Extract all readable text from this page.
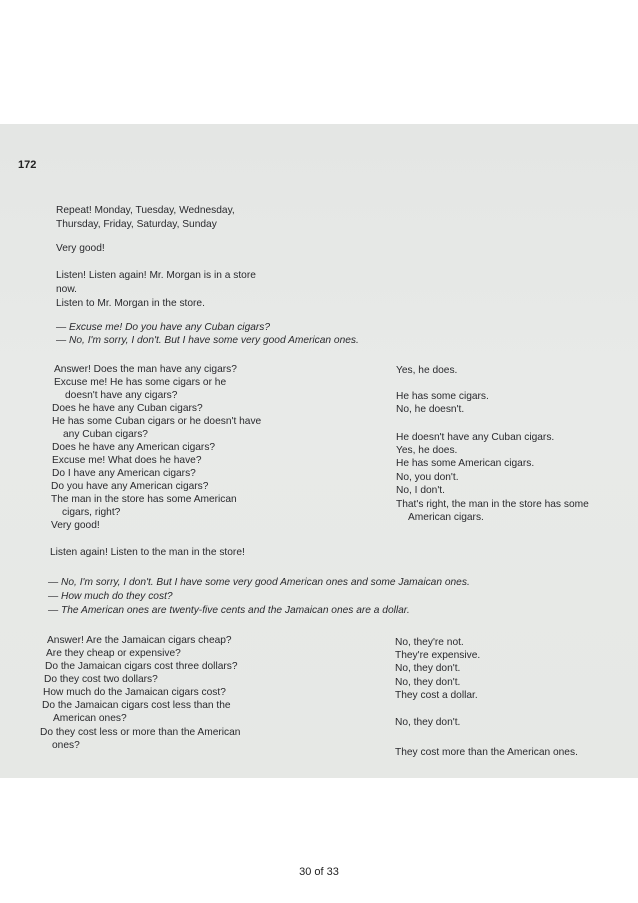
172
Repeat! Monday, Tuesday, Wednesday,
Thursday, Friday, Saturday, Sunday
Very good!
Listen! Listen again! Mr. Morgan is in a store
now.
Listen to Mr. Morgan in the store.
— Excuse me! Do you have any Cuban cigars?
— No, I'm sorry, I don't. But I have some very good American ones.
Answer! Does the man have any cigars?
Excuse me! He has some cigars or he
doesn't have any cigars?
Does he have any Cuban cigars?
He has some Cuban cigars or he doesn't have
any Cuban cigars?
Does he have any American cigars?
Excuse me! What does he have?
Do I have any American cigars?
Do you have any American cigars?
The man in the store has some American
cigars, right?
Very good!
Yes, he does.
He has some cigars.
No, he doesn't.
He doesn't have any Cuban cigars.
Yes, he does.
He has some American cigars.
No, you don't.
No, I don't.
That's right, the man in the store has some
American cigars.
Listen again! Listen to the man in the store!
— No, I'm sorry, I don't. But I have some very good American ones and some Jamaican ones.
— How much do they cost?
— The American ones are twenty-five cents and the Jamaican ones are a dollar.
Answer! Are the Jamaican cigars cheap?
Are they cheap or expensive?
Do the Jamaican cigars cost three dollars?
Do they cost two dollars?
How much do the Jamaican cigars cost?
Do the Jamaican cigars cost less than the
American ones?
Do they cost less or more than the American
ones?
No, they're not.
They're expensive.
No, they don't.
No, they don't.
They cost a dollar.
No, they don't.
They cost more than the American ones.
30 of 33
